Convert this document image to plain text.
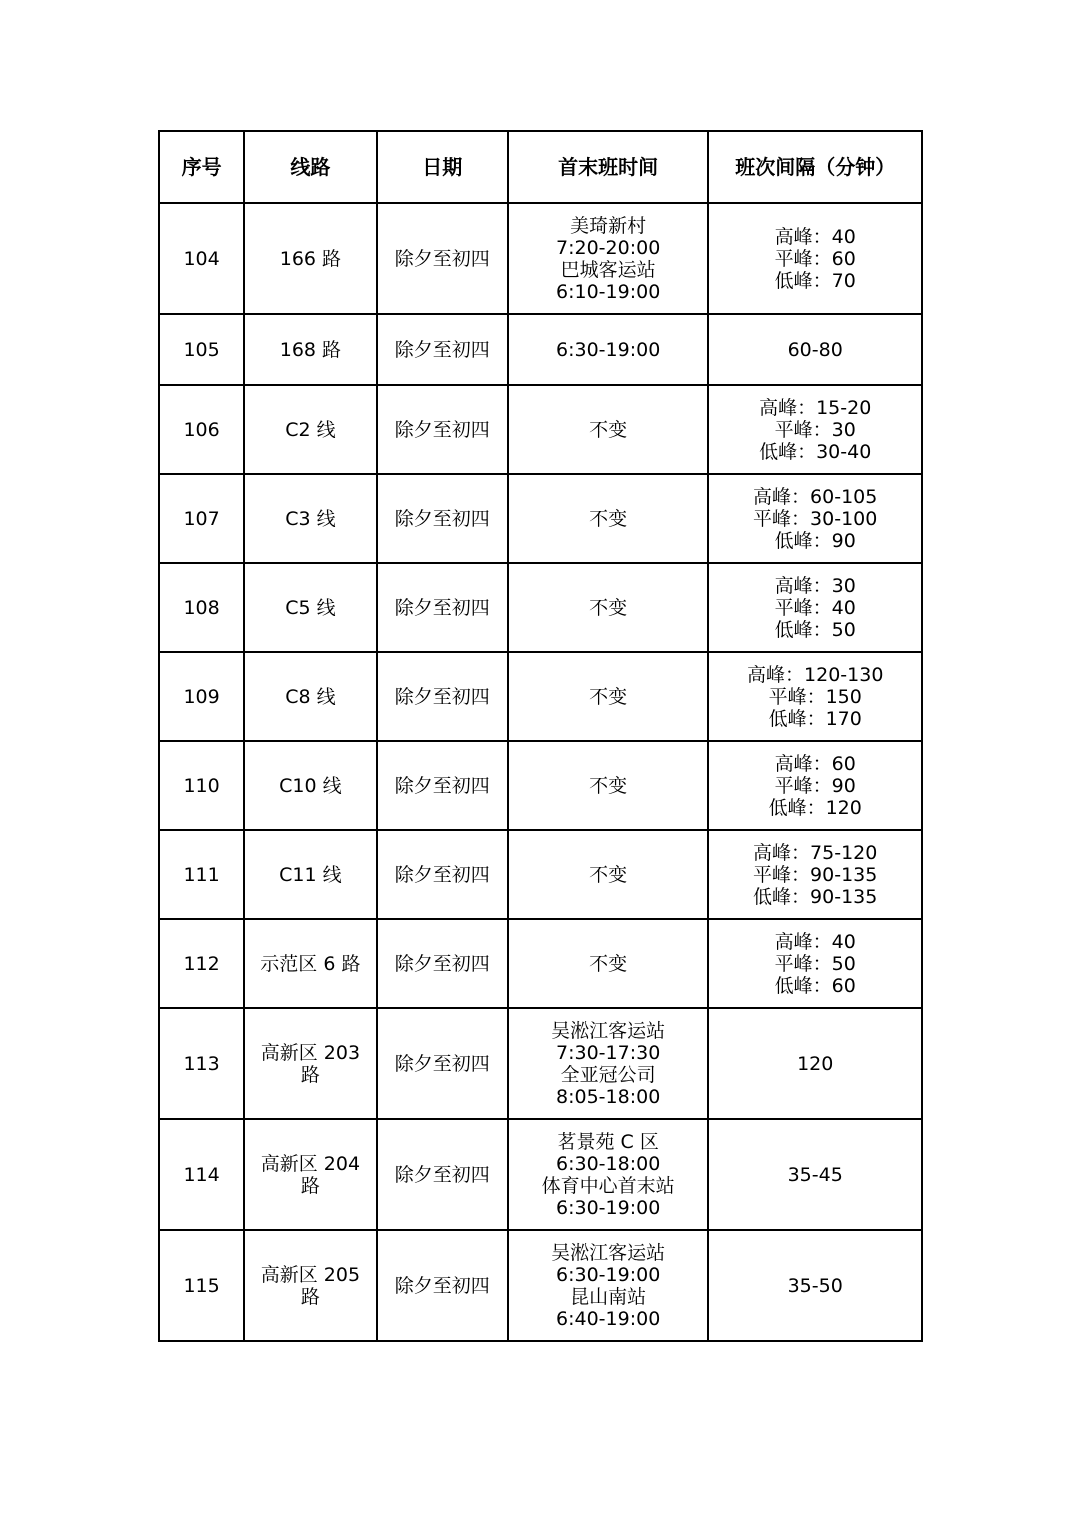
序号	线路	日期	首末班时间	班次间隔（分钟）
104	166 路	除夕至初四	美琦新村
7:20-20:00
巴城客运站
6:10-19:00	高峰：40
平峰：60
低峰：70

105	168 路	除夕至初四	6:30-19:00	60-80

106	C2 线	除夕至初四	不变	高峰：15-20
平峰：30
低峰：30-40

107	C3 线	除夕至初四	不变	高峰：60-105
平峰：30-100
低峰：90

108	C5 线	除夕至初四	不变	高峰：30
平峰：40
低峰：50

109	C8 线	除夕至初四	不变	高峰：120-130
平峰：150
低峰：170

110	C10 线	除夕至初四	不变	高峰：60
平峰：90
低峰：120

111	C11 线	除夕至初四	不变	高峰：75-120
平峰：90-135
低峰：90-135

112	示范区 6 路	除夕至初四	不变	高峰：40
平峰：50
低峰：60

113	高新区 203
路	除夕至初四	吴淞江客运站
7:30-17:30
全亚冠公司
8:05-18:00	120

114	高新区 204
路	除夕至初四	茗景苑 C 区
6:30-18:00
体育中心首末站
6:30-19:00	35-45

115	高新区 205
路	除夕至初四	吴淞江客运站
6:30-19:00
昆山南站
6:40-19:00	35-50
